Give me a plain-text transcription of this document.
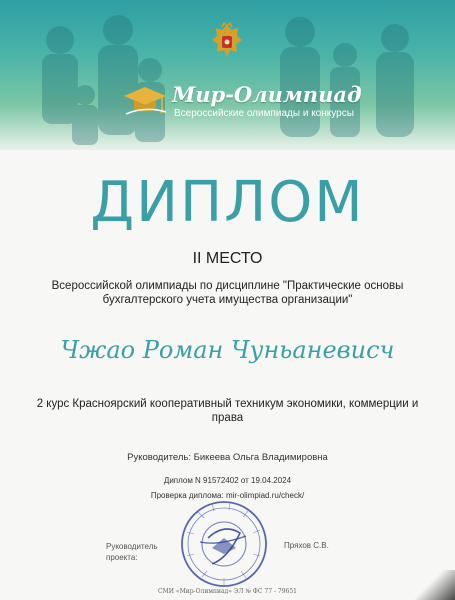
Мир-Олимпиад
Всероссийские олимпиады и конкурсы
ДИПЛОМ
II МЕСТО
Всероссийской олимпиады по дисциплине "Практические основы
бухгалтерского учета имущества организации"
Чжао Роман Чуньаневисч
2 курс Красноярский кооперативный техникум экономики, коммерции и
права
Руководитель: Бикеева Ольга Владимировна
Диплом N 91572402 от 19.04.2024
Проверка диплома: mir-olimpiad.ru/check/
Руководитель
проекта:
Пряхов С.В.
СМИ «Мир-Олимпиад» ЭЛ № ФС 77 - 79651
